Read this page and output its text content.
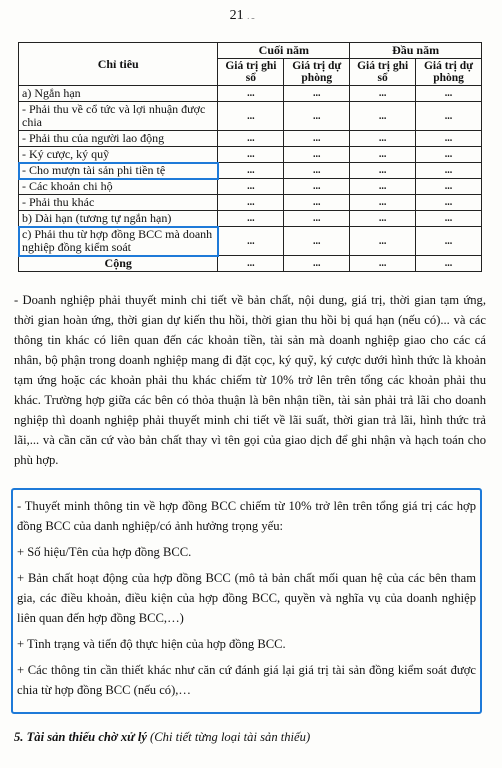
ـ . 21
Chỉ tiêu	Cuối năm		Đầu năm	
	Giá trị ghi sổ	Giá trị dự phòng	Giá trị ghi sổ	Giá trị dự phòng
a) Ngắn hạn	...	...	...	...
- Phải thu về cổ tức và lợi nhuận được chia	...	...	...	...
- Phải thu của người lao động	...	...	...	...
- Ký cược, ký quỹ	...	...	...	...
- Cho mượn tài sản phi tiền tệ	...	...	...	...
- Các khoản chi hộ	...	...	...	...
- Phải thu khác	...	...	...	...
b) Dài hạn (tương tự ngắn hạn)	...	...	...	...
c) Phải thu từ hợp đồng BCC mà doanh nghiệp đồng kiểm soát	...	...	...	...
Cộng	...	...	...	...
- Doanh nghiệp phải thuyết minh chi tiết về bản chất, nội dung, giá trị, thời gian tạm ứng, thời gian hoàn ứng, thời gian dự kiến thu hồi, thời gian thu hồi bị quá hạn (nếu có)... và các thông tin khác có liên quan đến các khoản tiền, tài sản mà doanh nghiệp giao cho các cá nhân, bộ phận trong doanh nghiệp mang đi đặt cọc, ký quỹ, ký cược dưới hình thức là khoản tạm ứng hoặc các khoản phải thu khác chiếm từ 10% trở lên trên tổng các khoản phải thu khác. Trường hợp giữa các bên có thỏa thuận là bên nhận tiền, tài sản phải trả lãi cho doanh nghiệp thì doanh nghiệp phải thuyết minh chi tiết về lãi suất, thời gian trả lãi, hình thức trả lãi,... và cần căn cứ vào bản chất thay vì tên gọi của giao dịch để ghi nhận và hạch toán cho phù hợp.

- Thuyết minh thông tin về hợp đồng BCC chiếm từ 10% trở lên trên tổng giá trị các hợp đồng BCC của danh nghiệp/có ảnh hưởng trọng yếu:

+ Số hiệu/Tên của hợp đồng BCC.

+ Bản chất hoạt động của hợp đồng BCC (mô tả bản chất mối quan hệ của các bên tham gia, các điều khoản, điều kiện của hợp đồng BCC, quyền và nghĩa vụ của doanh nghiệp liên quan đến hợp đồng BCC,…)

+ Tình trạng và tiến độ thực hiện của hợp đồng BCC.

+ Các thông tin cần thiết khác như căn cứ đánh giá lại giá trị tài sản đồng kiểm soát được chia từ hợp đồng BCC (nếu có),…

5. Tài sản thiếu chờ xử lý (Chi tiết từng loại tài sản thiếu)
